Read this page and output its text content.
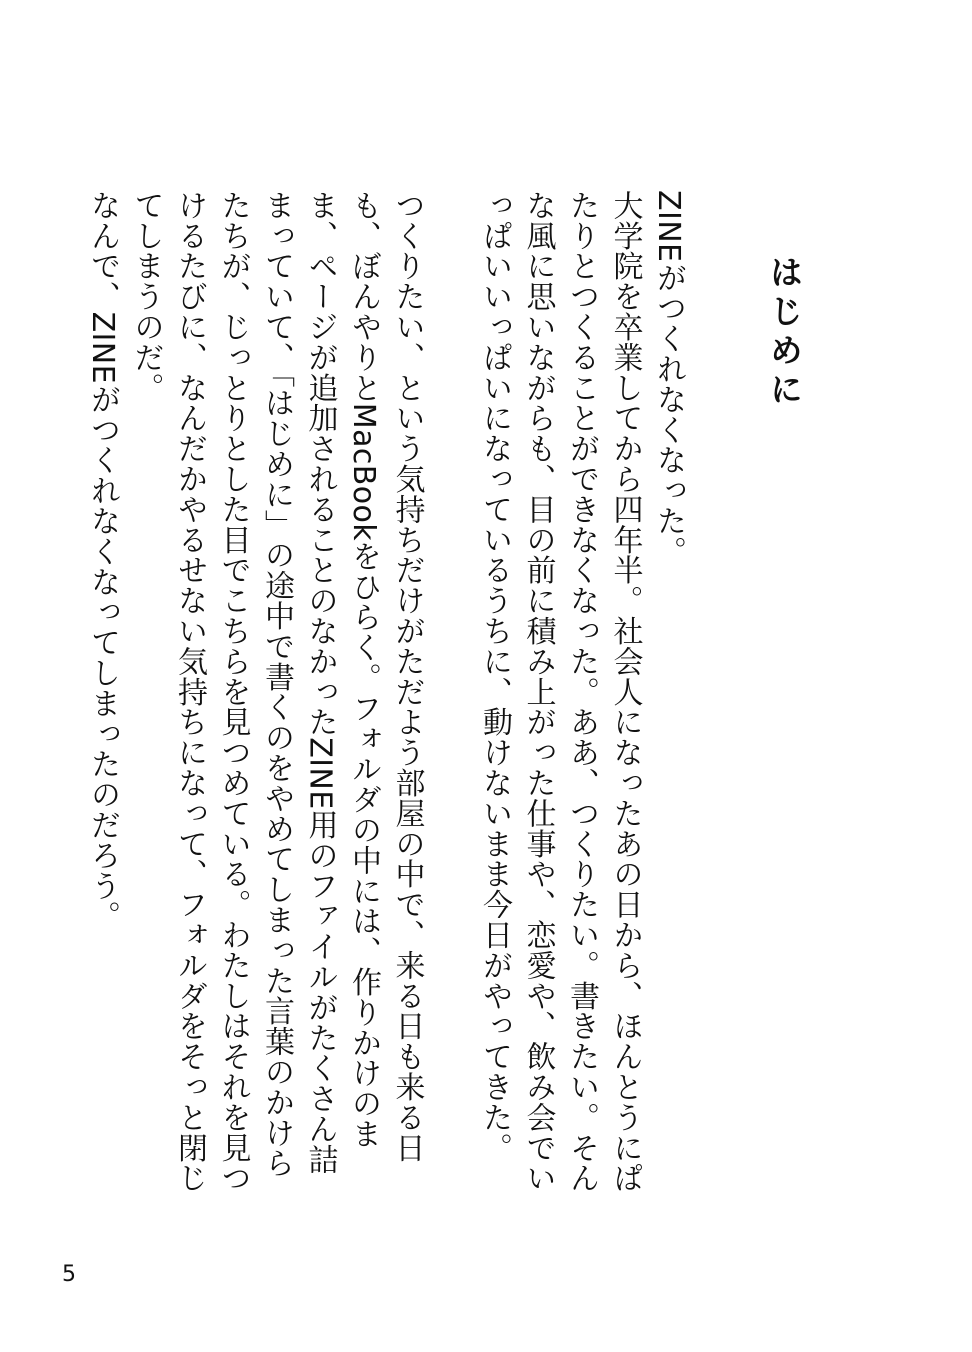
はじめに

ZINEがつくれなくなった。

大学院を卒業してから四年半。社会人になったあの日から、ほんとうにぱたりとつくることができなくなった。ああ、つくりたい。書きたい。そんな風に思いながらも、目の前に積み上がった仕事や、恋愛や、飲み会でいっぱいいっぱいになっているうちに、動けないまま今日がやってきた。

つくりたい、という気持ちだけがただよう部屋の中で、来る日も来る日も、ぼんやりとMacBookをひらく。フォルダの中には、作りかけのまま、ページが追加されることのなかったZINE用のファイルがたくさん詰まっていて、「はじめに」の途中で書くのをやめてしまった言葉のかけらたちが、じっとりとした目でこちらを見つめている。わたしはそれを見つけるたびに、なんだかやるせない気持ちになって、フォルダをそっと閉じてしまうのだ。

なんで、ZINEがつくれなくなってしまったのだろう。

5
